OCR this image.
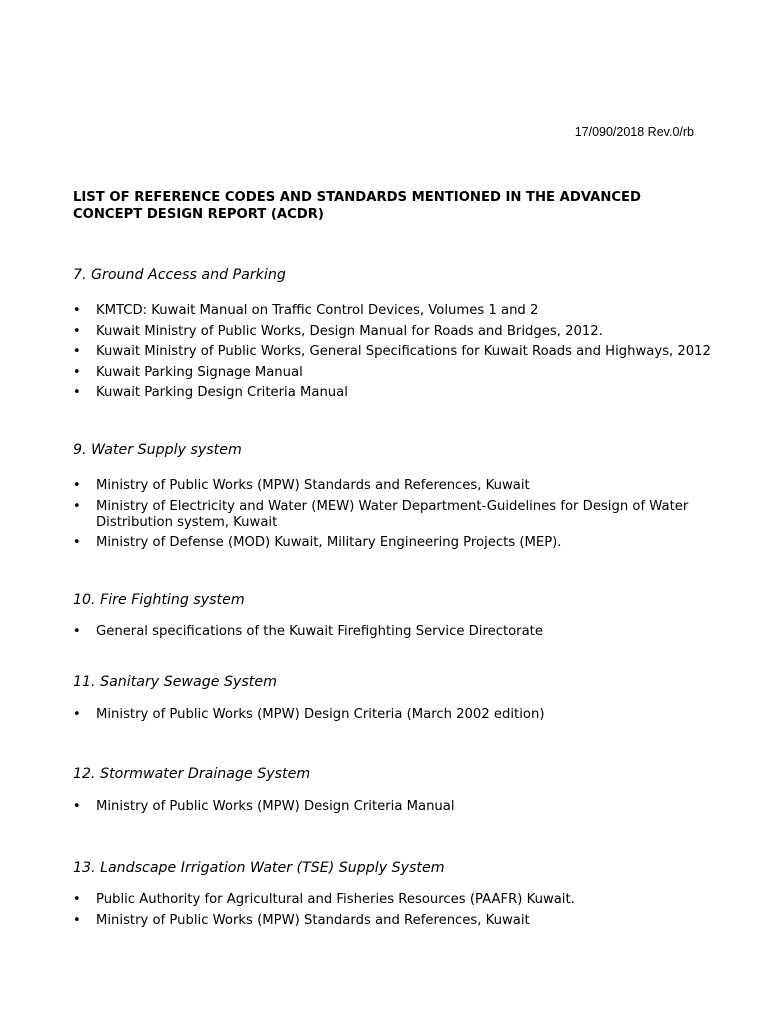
17/090/2018 Rev.0/rb
LIST OF REFERENCE CODES AND STANDARDS MENTIONED IN THE ADVANCED CONCEPT DESIGN REPORT (ACDR)
7. Ground Access and Parking
• KMTCD: Kuwait Manual on Traffic Control Devices, Volumes 1 and 2
• Kuwait Ministry of Public Works, Design Manual for Roads and Bridges, 2012.
• Kuwait Ministry of Public Works, General Specifications for Kuwait Roads and Highways, 2012
• Kuwait Parking Signage Manual
• Kuwait Parking Design Criteria Manual
9. Water Supply system
• Ministry of Public Works (MPW) Standards and References, Kuwait
• Ministry of Electricity and Water (MEW) Water Department-Guidelines for Design of Water Distribution system, Kuwait
• Ministry of Defense (MOD) Kuwait, Military Engineering Projects (MEP).
10. Fire Fighting system
• General specifications of the Kuwait Firefighting Service Directorate
11. Sanitary Sewage System
• Ministry of Public Works (MPW) Design Criteria (March 2002 edition)
12. Stormwater Drainage System
• Ministry of Public Works (MPW) Design Criteria Manual
13. Landscape Irrigation Water (TSE) Supply System
• Public Authority for Agricultural and Fisheries Resources (PAAFR) Kuwait.
• Ministry of Public Works (MPW) Standards and References, Kuwait
